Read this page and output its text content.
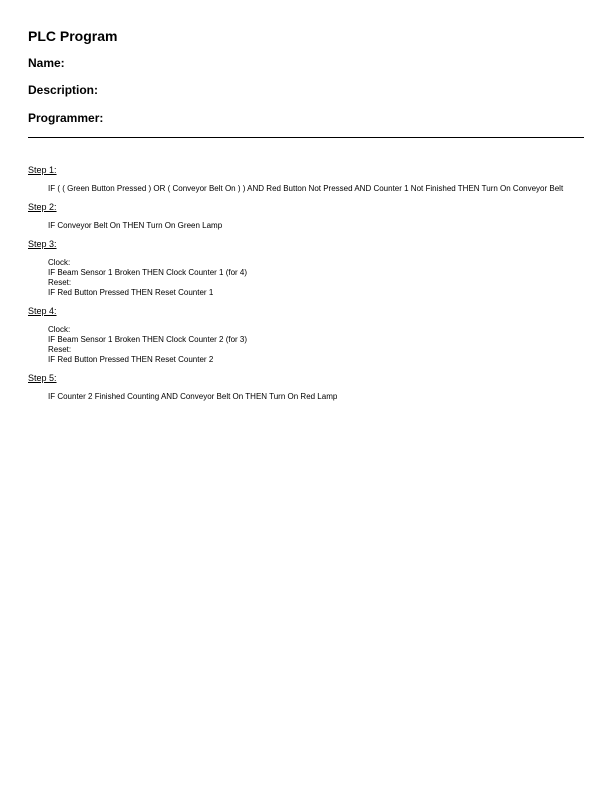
PLC Program
Name:
Description:
Programmer:
Step 1:
IF ( ( Green Button Pressed ) OR ( Conveyor Belt On ) ) AND Red Button Not Pressed AND Counter 1 Not Finished THEN Turn On Conveyor Belt
Step 2:
IF Conveyor Belt On THEN Turn On Green Lamp
Step 3:
Clock:
IF Beam Sensor 1 Broken THEN Clock Counter 1 (for 4)
Reset:
IF Red Button Pressed THEN Reset Counter 1
Step 4:
Clock:
IF Beam Sensor 1 Broken THEN Clock Counter 2 (for 3)
Reset:
IF Red Button Pressed THEN Reset Counter 2
Step 5:
IF Counter 2 Finished Counting AND Conveyor Belt On THEN Turn On Red Lamp
